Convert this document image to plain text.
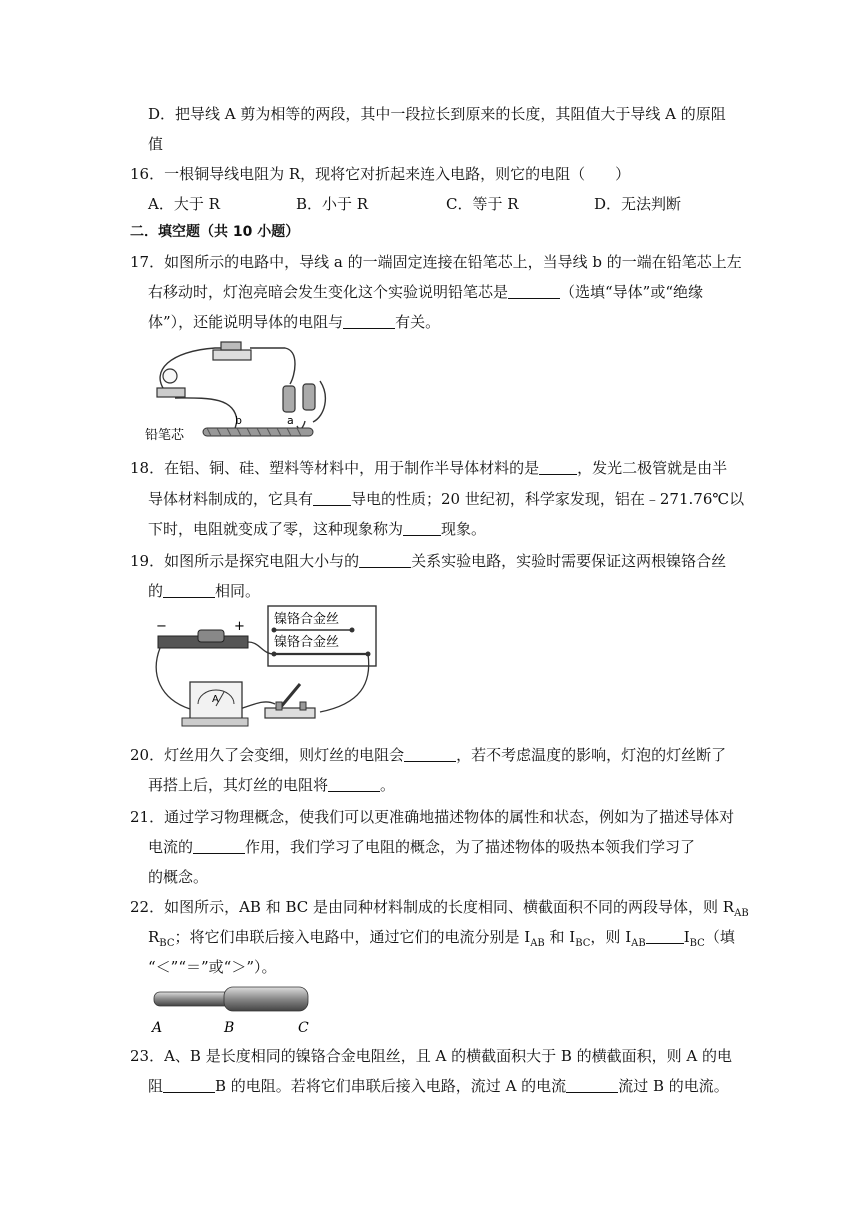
D．把导线 A 剪为相等的两段，其中一段拉长到原来的长度，其阻值大于导线 A 的原阻
值
16．一根铜导线电阻为 R，现将它对折起来连入电路，则它的电阻（　　）
A．大于 R	B．小于 R	C．等于 R	D．无法判断
二．填空题（共 10 小题）
17．如图所示的电路中，导线 a 的一端固定连接在铅笔芯上，当导线 b 的一端在铅笔芯上左
右移动时，灯泡亮暗会发生变化这个实验说明铅笔芯是	（选填“导体”或“绝缘
体”），还能说明导体的电阻与	有关。
铅笔芯
b	a
18．在铝、铜、硅、塑料等材料中，用于制作半导体材料的是	，发光二极管就是由半
导体材料制成的，它具有	导电的性质；20 世纪初，科学家发现，铝在﹣271.76℃以
下时，电阻就变成了零，这种现象称为	现象。
19．如图所示是探究电阻大小与的	关系实验电路，实验时需要保证这两根镍铬合丝
的	相同。
镍铬合金丝
镍铬合金丝
−	+
A
20．灯丝用久了会变细，则灯丝的电阻会	，若不考虑温度的影响，灯泡的灯丝断了
再搭上后，其灯丝的电阻将	。
21．通过学习物理概念，使我们可以更准确地描述物体的属性和状态，例如为了描述导体对
电流的	作用，我们学习了电阻的概念，为了描述物体的吸热本领我们学习了
的概念。
22．如图所示，AB 和 BC 是由同种材料制成的长度相同、横截面积不同的两段导体，则 $R_{AB}$
$R_{BC}$；将它们串联后接入电路中，通过它们的电流分别是 $I_{AB}$ 和 $I_{BC}$，则 $I_{AB}$	$I_{BC}$（填
“＜”“＝”或“＞”）。
A	B	C
23．A、B 是长度相同的镍铬合金电阻丝，且 A 的横截面积大于 B 的横截面积，则 A 的电
阻	B 的电阻。若将它们串联后接入电路，流过 A 的电流	流过 B 的电流。
